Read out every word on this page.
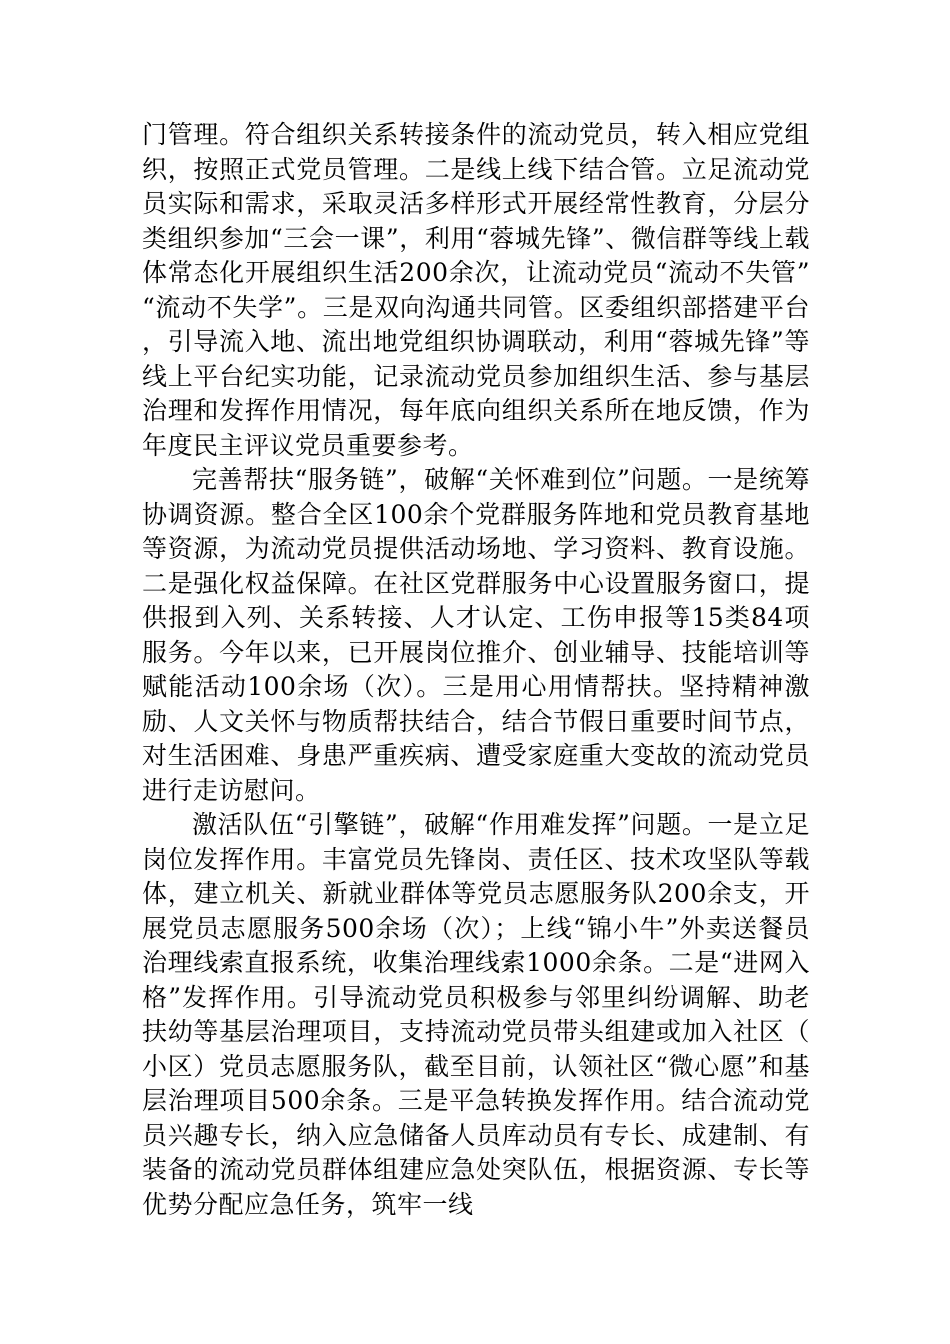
门管理。符合组织关系转接条件的流动党员，转入相应党组织，按照正式党员管理。二是线上线下结合管。立足流动党员实际和需求，采取灵活多样形式开展经常性教育，分层分类组织参加“三会一课”，利用“蓉城先锋”、微信群等线上载体常态化开展组织生活200余次，让流动党员“流动不失管”“流动不失学”。三是双向沟通共同管。区委组织部搭建平台，引导流入地、流出地党组织协调联动，利用“蓉城先锋”等线上平台纪实功能，记录流动党员参加组织生活、参与基层治理和发挥作用情况，每年底向组织关系所在地反馈，作为年度民主评议党员重要参考。

完善帮扶“服务链”，破解“关怀难到位”问题。一是统筹协调资源。整合全区100余个党群服务阵地和党员教育基地等资源，为流动党员提供活动场地、学习资料、教育设施。二是强化权益保障。在社区党群服务中心设置服务窗口，提供报到入列、关系转接、人才认定、工伤申报等15类84项服务。今年以来，已开展岗位推介、创业辅导、技能培训等赋能活动100余场（次）。三是用心用情帮扶。坚持精神激励、人文关怀与物质帮扶结合，结合节假日重要时间节点，对生活困难、身患严重疾病、遭受家庭重大变故的流动党员进行走访慰问。

激活队伍“引擎链”，破解“作用难发挥”问题。一是立足岗位发挥作用。丰富党员先锋岗、责任区、技术攻坚队等载体，建立机关、新就业群体等党员志愿服务队200余支，开展党员志愿服务500余场（次）；上线“锦小牛”外卖送餐员治理线索直报系统，收集治理线索1000余条。二是“进网入格”发挥作用。引导流动党员积极参与邻里纠纷调解、助老扶幼等基层治理项目，支持流动党员带头组建或加入社区（小区）党员志愿服务队，截至目前，认领社区“微心愿”和基层治理项目500余条。三是平急转换发挥作用。结合流动党员兴趣专长，纳入应急储备人员库动员有专长、成建制、有装备的流动党员群体组建应急处突队伍，根据资源、专长等优势分配应急任务，筑牢一线
